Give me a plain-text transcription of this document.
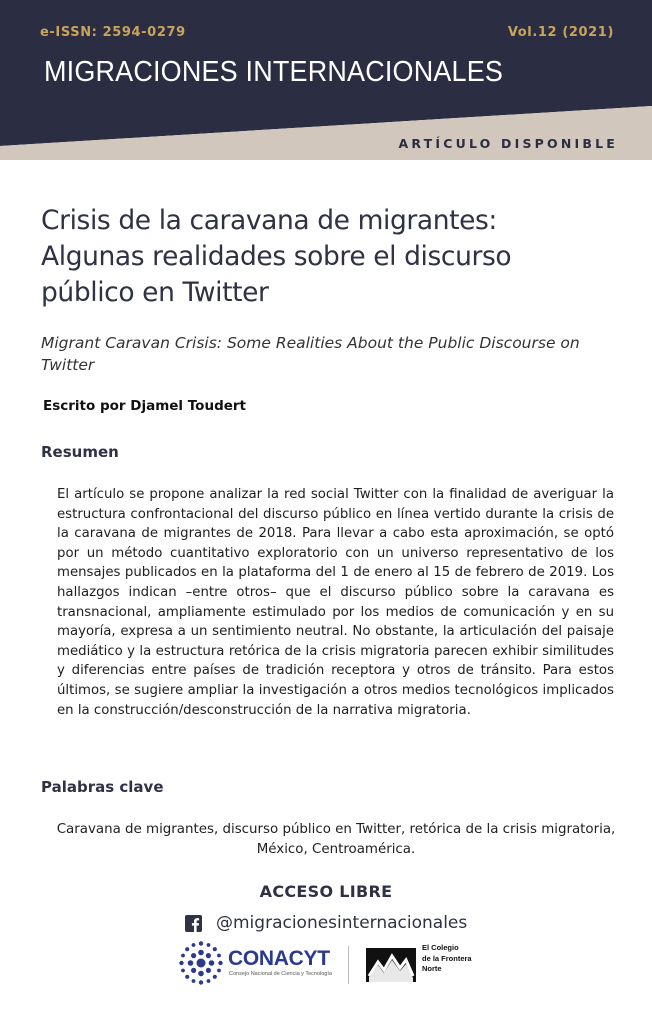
e-ISSN: 2594-0279	Vol.12 (2021)
MIGRACIONES INTERNACIONALES
ARTÍCULO DISPONIBLE
Crisis de la caravana de migrantes: Algunas realidades sobre el discurso público en Twitter

Migrant Caravan Crisis: Some Realities About the Public Discourse on Twitter

Escrito por Djamel Toudert

Resumen

El artículo se propone analizar la red social Twitter con la finalidad de averiguar la estructura confrontacional del discurso público en línea vertido durante la crisis de la caravana de migrantes de 2018. Para llevar a cabo esta aproximación, se optó por un método cuantitativo exploratorio con un universo representativo de los mensajes publicados en la plataforma del 1 de enero al 15 de febrero de 2019. Los hallazgos indican –entre otros– que el discurso público sobre la caravana es transnacional, ampliamente estimulado por los medios de comunicación y en su mayoría, expresa a un sentimiento neutral. No obstante, la articulación del paisaje mediático y la estructura retórica de la crisis migratoria parecen exhibir similitudes y diferencias entre países de tradición receptora y otros de tránsito. Para estos últimos, se sugiere ampliar la investigación a otros medios tecnológicos implicados en la construcción/desconstrucción de la narrativa migratoria.

Palabras clave

Caravana de migrantes, discurso público en Twitter, retórica de la crisis migratoria, México, Centroamérica.

ACCESO LIBRE
@migracionesinternacionales
CONACYT
Consejo Nacional de Ciencia y Tecnología
El Colegio
de la Frontera
Norte
